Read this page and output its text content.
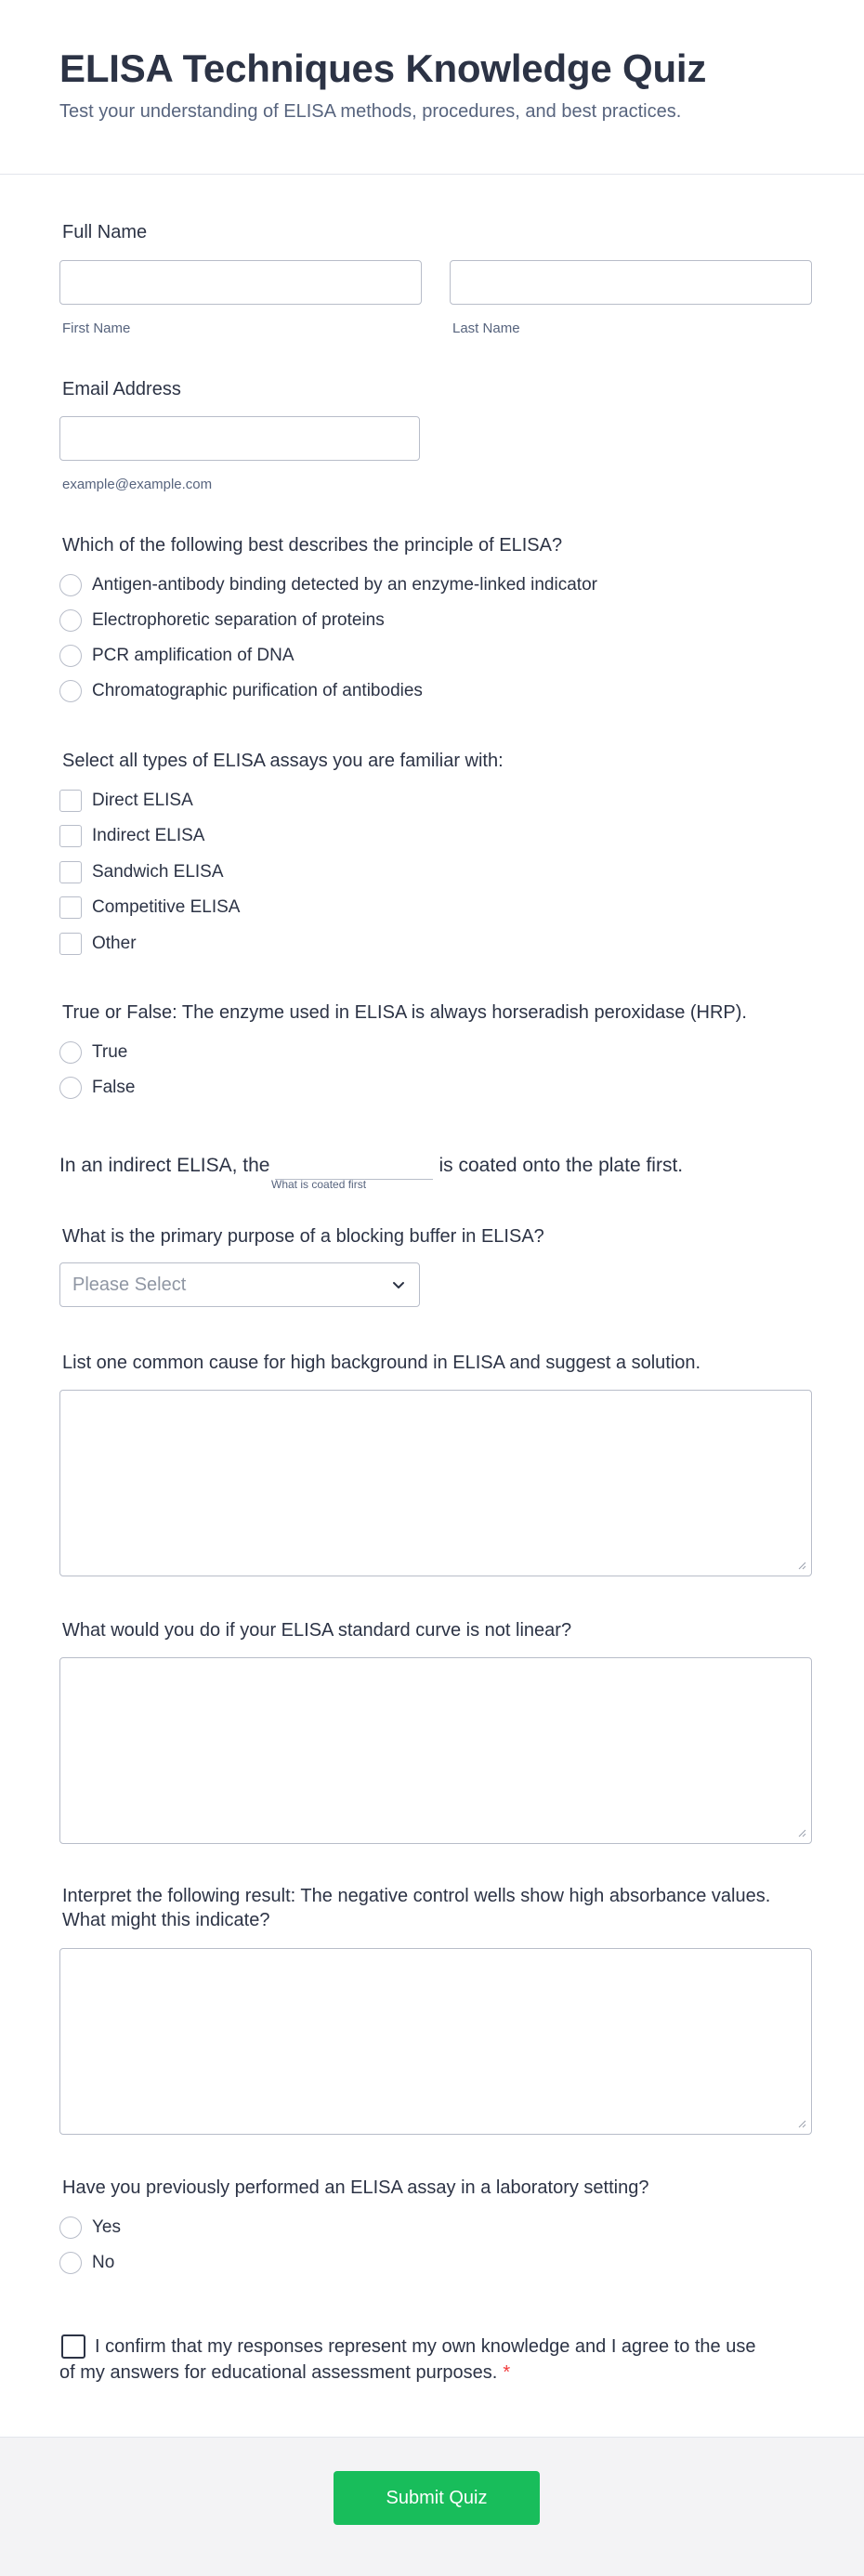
ELISA Techniques Knowledge Quiz
Test your understanding of ELISA methods, procedures, and best practices.
Full Name
First Name	Last Name
Email Address
example@example.com
Which of the following best describes the principle of ELISA?
Antigen-antibody binding detected by an enzyme-linked indicator
Electrophoretic separation of proteins
PCR amplification of DNA
Chromatographic purification of antibodies
Select all types of ELISA assays you are familiar with:
Direct ELISA
Indirect ELISA
Sandwich ELISA
Competitive ELISA
Other
True or False: The enzyme used in ELISA is always horseradish peroxidase (HRP).
True
False
In an indirect ELISA, the	is coated onto the plate first.
What is coated first
What is the primary purpose of a blocking buffer in ELISA?
Please Select
List one common cause for high background in ELISA and suggest a solution.
What would you do if your ELISA standard curve is not linear?
Interpret the following result: The negative control wells show high absorbance values. What might this indicate?
Have you previously performed an ELISA assay in a laboratory setting?
Yes
No
I confirm that my responses represent my own knowledge and I agree to the use of my answers for educational assessment purposes. *
Submit Quiz
